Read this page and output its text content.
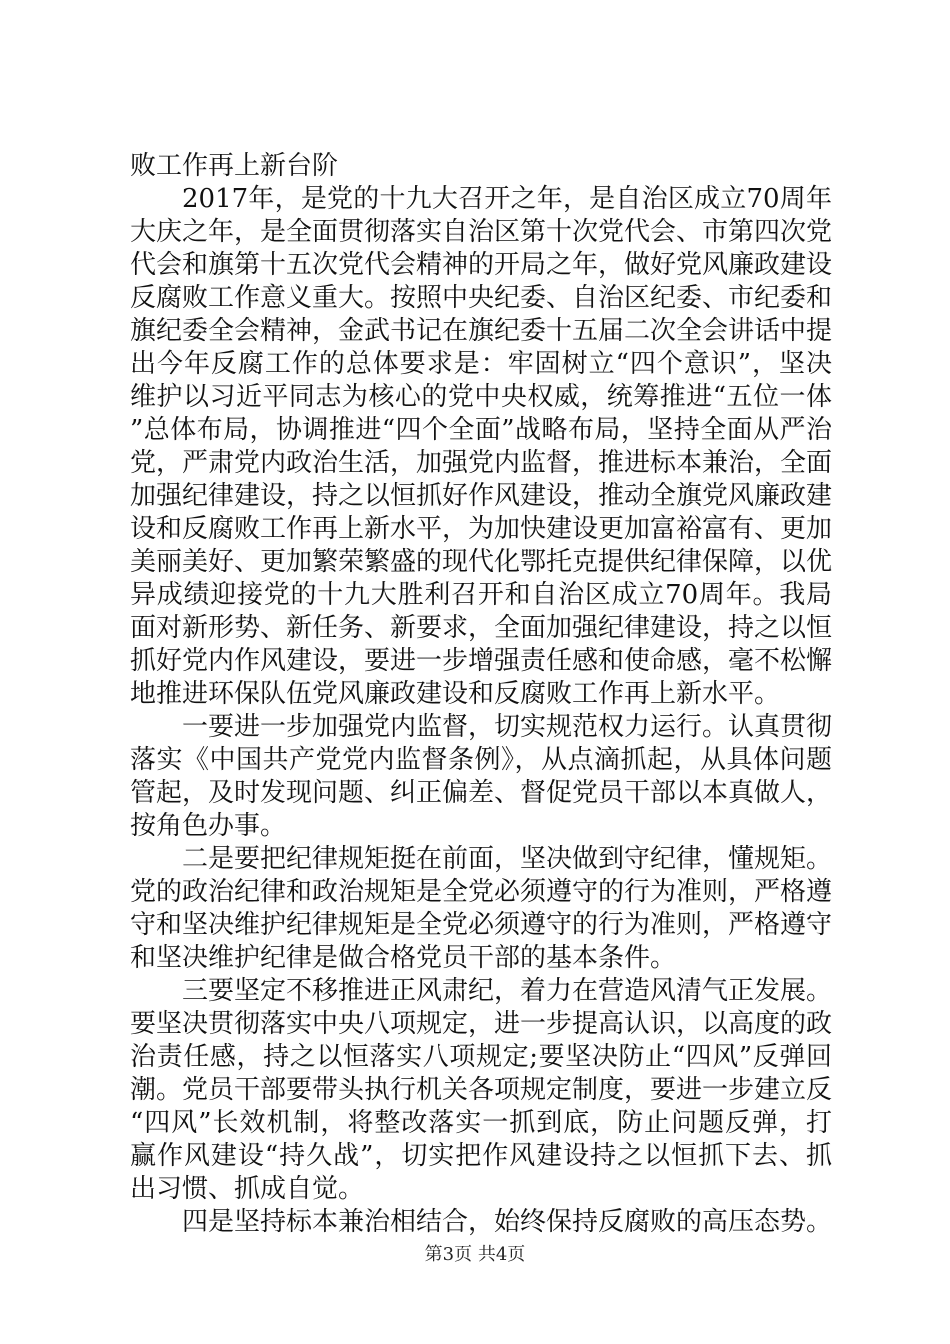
败工作再上新台阶

2017年，是党的十九大召开之年，是自治区成立70周年大庆之年，是全面贯彻落实自治区第十次党代会、市第四次党代会和旗第十五次党代会精神的开局之年，做好党风廉政建设反腐败工作意义重大。按照中央纪委、自治区纪委、市纪委和旗纪委全会精神，金武书记在旗纪委十五届二次全会讲话中提出今年反腐工作的总体要求是：牢固树立“四个意识”，坚决维护以习近平同志为核心的党中央权威，统筹推进“五位一体”总体布局，协调推进“四个全面”战略布局，坚持全面从严治党，严肃党内政治生活，加强党内监督，推进标本兼治，全面加强纪律建设，持之以恒抓好作风建设，推动全旗党风廉政建设和反腐败工作再上新水平，为加快建设更加富裕富有、更加美丽美好、更加繁荣繁盛的现代化鄂托克提供纪律保障，以优异成绩迎接党的十九大胜利召开和自治区成立70周年。我局面对新形势、新任务、新要求，全面加强纪律建设，持之以恒抓好党内作风建设，要进一步增强责任感和使命感，毫不松懈地推进环保队伍党风廉政建设和反腐败工作再上新水平。

一要进一步加强党内监督，切实规范权力运行。认真贯彻落实《中国共产党党内监督条例》，从点滴抓起，从具体问题管起，及时发现问题、纠正偏差、督促党员干部以本真做人，按角色办事。

二是要把纪律规矩挺在前面，坚决做到守纪律，懂规矩。党的政治纪律和政治规矩是全党必须遵守的行为准则，严格遵守和坚决维护纪律规矩是全党必须遵守的行为准则，严格遵守和坚决维护纪律是做合格党员干部的基本条件。

三要坚定不移推进正风肃纪，着力在营造风清气正发展。要坚决贯彻落实中央八项规定，进一步提高认识，以高度的政治责任感，持之以恒落实八项规定;要坚决防止“四风”反弹回潮。党员干部要带头执行机关各项规定制度，要进一步建立反“四风”长效机制，将整改落实一抓到底，防止问题反弹，打赢作风建设“持久战”，切实把作风建设持之以恒抓下去、抓出习惯、抓成自觉。

四是坚持标本兼治相结合，始终保持反腐败的高压态势。

第3页 共4页
